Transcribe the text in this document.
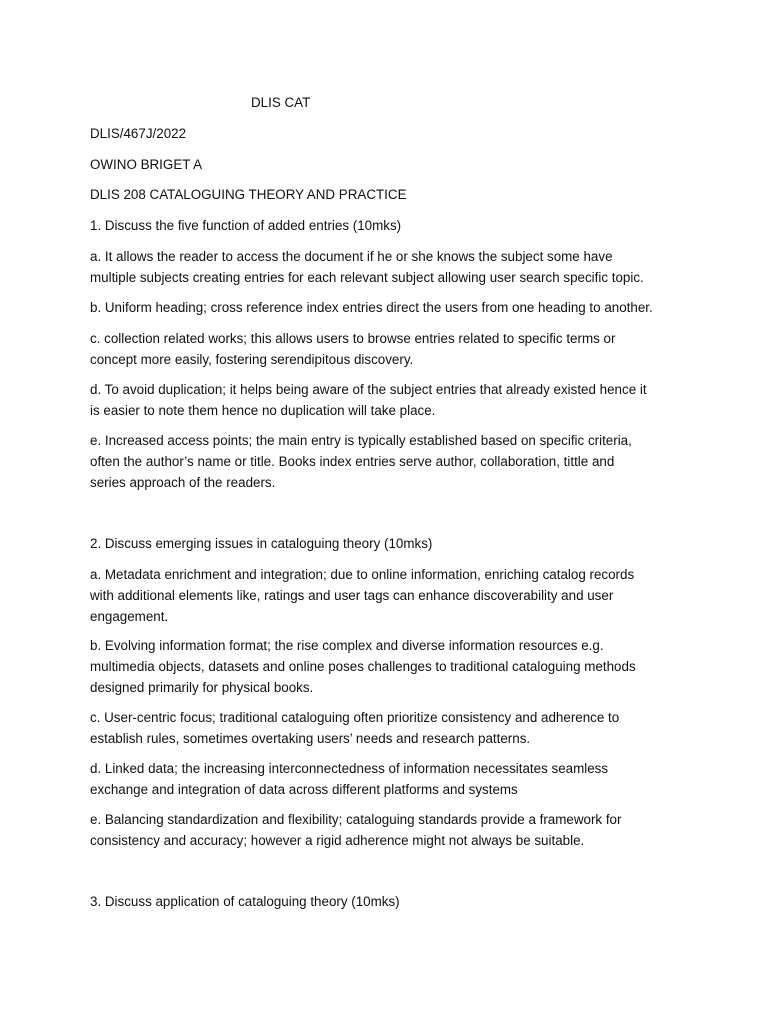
DLIS CAT
DLIS/467J/2022
OWINO BRIGET A
DLIS 208 CATALOGUING THEORY AND PRACTICE
1. Discuss the five function of added entries (10mks)
a. It allows the reader to access the document if he or she knows the subject some have
multiple subjects creating entries for each relevant subject allowing user search specific topic.
b. Uniform heading; cross reference index entries direct the users from one heading to another.
c. collection related works; this allows users to browse entries related to specific terms or
concept more easily, fostering serendipitous discovery.
d. To avoid duplication; it helps being aware of the subject entries that already existed hence it
is easier to note them hence no duplication will take place.
e. Increased access points; the main entry is typically established based on specific criteria,
often the author’s name or title. Books index entries serve author, collaboration, tittle and
series approach of the readers.
2. Discuss emerging issues in cataloguing theory (10mks)
a. Metadata enrichment and integration; due to online information, enriching catalog records
with additional elements like, ratings and user tags can enhance discoverability and user
engagement.
b. Evolving information format; the rise complex and diverse information resources e.g.
multimedia objects, datasets and online poses challenges to traditional cataloguing methods
designed primarily for physical books.
c. User-centric focus; traditional cataloguing often prioritize consistency and adherence to
establish rules, sometimes overtaking users’ needs and research patterns.
d. Linked data; the increasing interconnectedness of information necessitates seamless
exchange and integration of data across different platforms and systems
e. Balancing standardization and flexibility; cataloguing standards provide a framework for
consistency and accuracy; however a rigid adherence might not always be suitable.
3. Discuss application of cataloguing theory (10mks)
